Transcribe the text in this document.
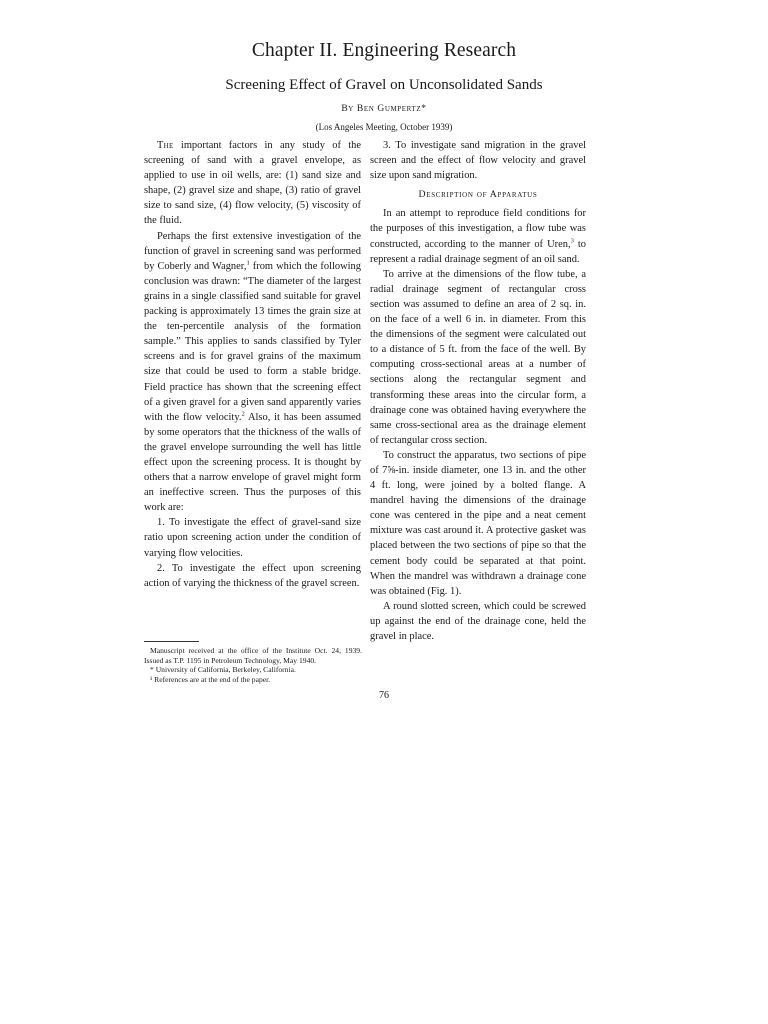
Chapter II. Engineering Research
Screening Effect of Gravel on Unconsolidated Sands
By Ben Gumpertz*
(Los Angeles Meeting, October 1939)

The important factors in any study of the screening of sand with a gravel envelope, as applied to use in oil wells, are: (1) sand size and shape, (2) gravel size and shape, (3) ratio of gravel size to sand size, (4) flow velocity, (5) viscosity of the fluid.

Perhaps the first extensive investigation of the function of gravel in screening sand was performed by Coberly and Wagner,$^1$ from which the following conclusion was drawn: “The diameter of the largest grains in a single classified sand suitable for gravel packing is approximately 13 times the grain size at the ten-percentile analysis of the formation sample.” This applies to sands classified by Tyler screens and is for gravel grains of the maximum size that could be used to form a stable bridge. Field practice has shown that the screening effect of a given gravel for a given sand apparently varies with the flow velocity.$^2$ Also, it has been assumed by some operators that the thickness of the walls of the gravel envelope surrounding the well has little effect upon the screening process. It is thought by others that a narrow envelope of gravel might form an ineffective screen. Thus the purposes of this work are:

1. To investigate the effect of gravel-sand size ratio upon screening action under the condition of varying flow velocities.

2. To investigate the effect upon screening action of varying the thickness of the gravel screen.

3. To investigate sand migration in the gravel screen and the effect of flow velocity and gravel size upon sand migration.

Description of Apparatus

In an attempt to reproduce field conditions for the purposes of this investigation, a flow tube was constructed, according to the manner of Uren,$^3$ to represent a radial drainage segment of an oil sand.

To arrive at the dimensions of the flow tube, a radial drainage segment of rectangular cross section was assumed to define an area of 2 sq. in. on the face of a well 6 in. in diameter. From this the dimensions of the segment were calculated out to a distance of 5 ft. from the face of the well. By computing cross-sectional areas at a number of sections along the rectangular segment and transforming these areas into the circular form, a drainage cone was obtained having everywhere the same cross-sectional area as the drainage element of rectangular cross section.

To construct the apparatus, two sections of pipe of 7⅝-in. inside diameter, one 13 in. and the other 4 ft. long, were joined by a bolted flange. A mandrel having the dimensions of the drainage cone was centered in the pipe and a neat cement mixture was cast around it. A protective gasket was placed between the two sections of pipe so that the cement body could be separated at that point. When the mandrel was withdrawn a drainage cone was obtained (Fig. 1).

A round slotted screen, which could be screwed up against the end of the drainage cone, held the gravel in place.

Manuscript received at the office of the Institute Oct. 24, 1939. Issued as T.P. 1195 in Petroleum Technology, May 1940.
* University of California, Berkeley, California.
¹ References are at the end of the paper.
76
